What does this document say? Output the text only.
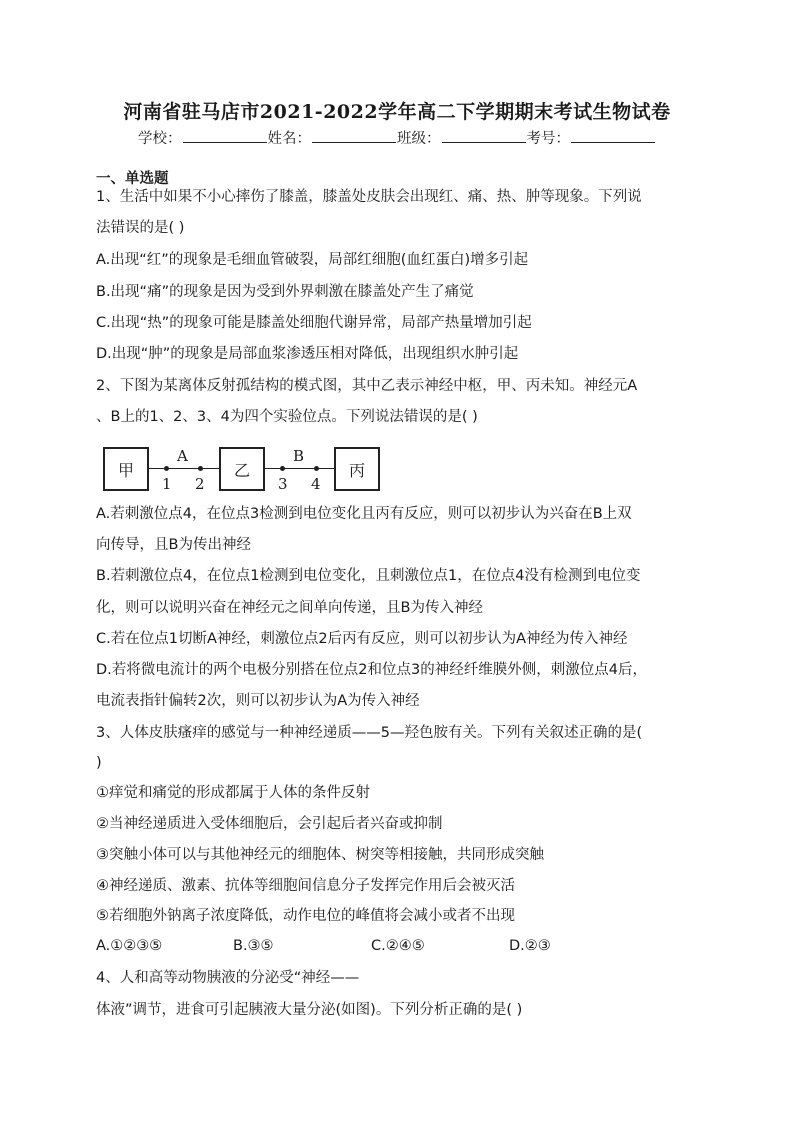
河南省驻马店市2021-2022学年高二下学期期末考试生物试卷
学校：	姓名：	班级：	考号：
一、单选题
1、生活中如果不小心摔伤了膝盖，膝盖处皮肤会出现红、痛、热、肿等现象。下列说
法错误的是( )
A.出现“红”的现象是毛细血管破裂，局部红细胞(血红蛋白)增多引起
B.出现“痛”的现象是因为受到外界刺激在膝盖处产生了痛觉
C.出现“热”的现象可能是膝盖处细胞代谢异常，局部产热量增加引起
D.出现“肿”的现象是局部血浆渗透压相对降低，出现组织水肿引起
2、下图为某离体反射孤结构的模式图，其中乙表示神经中枢，甲、丙未知。神经元A
、B上的1、2、3、4为四个实验位点。下列说法错误的是( )
甲	乙	丙
A	B
1 2	3 4
A.若刺激位点4，在位点3检测到电位变化且丙有反应，则可以初步认为兴奋在B上双
向传导，且B为传出神经
B.若刺激位点4，在位点1检测到电位变化，且刺激位点1，在位点4没有检测到电位变
化，则可以说明兴奋在神经元之间单向传递，且B为传入神经
C.若在位点1切断A神经，刺激位点2后丙有反应，则可以初步认为A神经为传入神经
D.若将微电流计的两个电极分别搭在位点2和位点3的神经纤维膜外侧，刺激位点4后，
电流表指针偏转2次，则可以初步认为A为传入神经
3、人体皮肤瘙痒的感觉与一种神经递质——5—羟色胺有关。下列有关叙述正确的是(
)
①痒觉和痛觉的形成都属于人体的条件反射
②当神经递质进入受体细胞后，会引起后者兴奋或抑制
③突触小体可以与其他神经元的细胞体、树突等相接触，共同形成突触
④神经递质、激素、抗体等细胞间信息分子发挥完作用后会被灭活
⑤若细胞外钠离子浓度降低，动作电位的峰值将会减小或者不出现
A.①②③⑤	B.③⑤	C.②④⑤	D.②③
4、人和高等动物胰液的分泌受“神经——
体液”调节，进食可引起胰液大量分泌(如图)。下列分析正确的是( )
